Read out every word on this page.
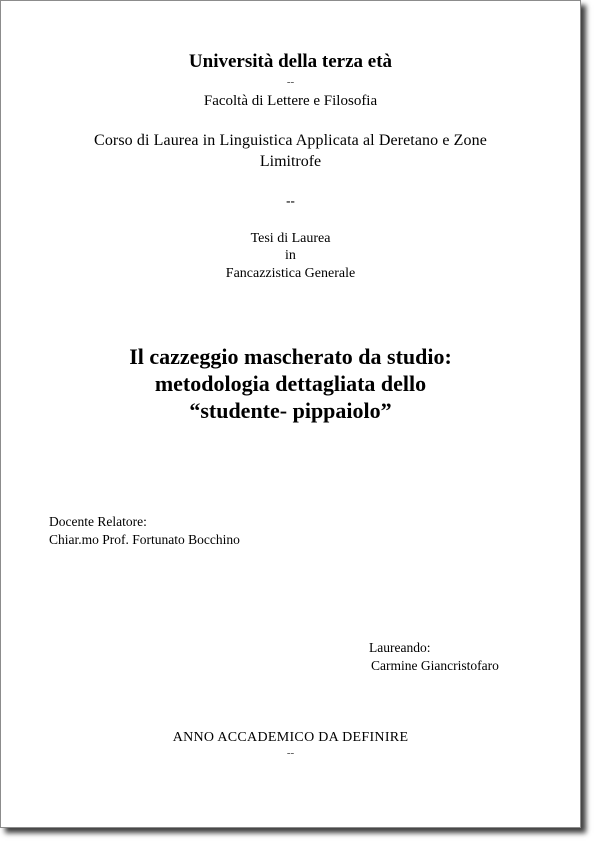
Università della terza età
--
Facoltà di Lettere e Filosofia
Corso di Laurea in Linguistica Applicata al Deretano e Zone
Limitrofe
--
Tesi di Laurea
in
Fancazzistica Generale
Il cazzeggio mascherato da studio:
metodologia dettagliata dello
“studente- pippaiolo”
Docente Relatore:
Chiar.mo Prof. Fortunato Bocchino
Laureando:
Carmine Giancristofaro
ANNO ACCADEMICO DA DEFINIRE
--
